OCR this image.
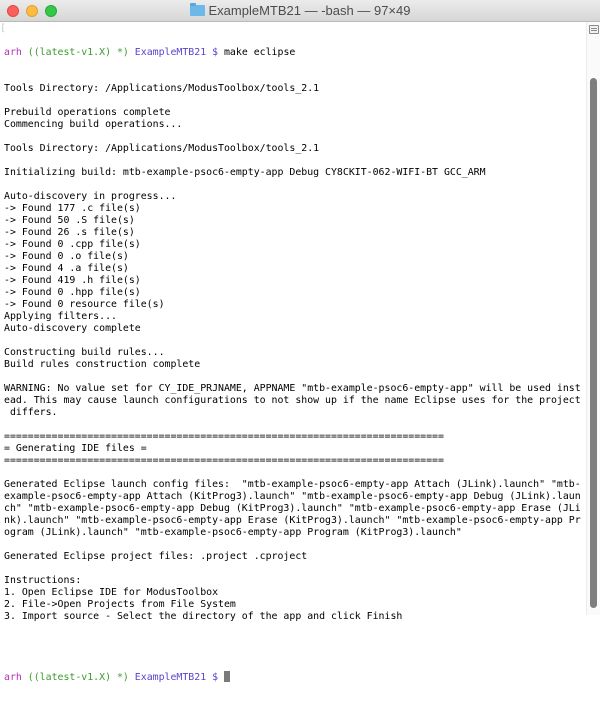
ExampleMTB21 — -bash — 97×49
[

arh ((latest-v1.X) *) ExampleMTB21 $ make eclipse

Tools Directory: /Applications/ModusToolbox/tools_2.1
Prebuild operations complete
Commencing build operations...
Tools Directory: /Applications/ModusToolbox/tools_2.1
Initializing build: mtb-example-psoc6-empty-app Debug CY8CKIT-062-WIFI-BT GCC_ARM
Auto-discovery in progress...
-> Found 177 .c file(s)
-> Found 50 .S file(s)
-> Found 26 .s file(s)
-> Found 0 .cpp file(s)
-> Found 0 .o file(s)
-> Found 4 .a file(s)
-> Found 419 .h file(s)
-> Found 0 .hpp file(s)
-> Found 0 resource file(s)
Applying filters...
Auto-discovery complete
Constructing build rules...
Build rules construction complete
WARNING: No value set for CY_IDE_PRJNAME, APPNAME "mtb-example-psoc6-empty-app" will be used inst
ead. This may cause launch configurations to not show up if the name Eclipse uses for the project
differs.
==========================================================================
= Generating IDE files =
==========================================================================
Generated Eclipse launch config files:  "mtb-example-psoc6-empty-app Attach (JLink).launch" "mtb-
example-psoc6-empty-app Attach (KitProg3).launch" "mtb-example-psoc6-empty-app Debug (JLink).laun
ch" "mtb-example-psoc6-empty-app Debug (KitProg3).launch" "mtb-example-psoc6-empty-app Erase (JLi
nk).launch" "mtb-example-psoc6-empty-app Erase (KitProg3).launch" "mtb-example-psoc6-empty-app Pr
ogram (JLink).launch" "mtb-example-psoc6-empty-app Program (KitProg3).launch"
Generated Eclipse project files: .project .cproject
Instructions:
1. Open Eclipse IDE for ModusToolbox
2. File->Open Projects from File System
3. Import source - Select the directory of the app and click Finish

arh ((latest-v1.X) *) ExampleMTB21 $
